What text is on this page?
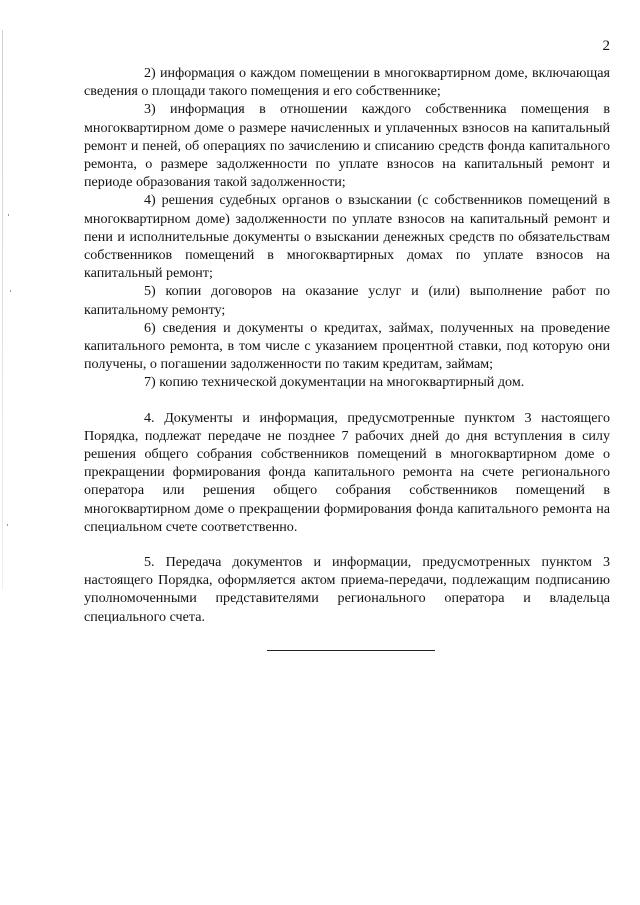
2

2) информация о каждом помещении в многоквартирном доме, включающая сведения о площади такого помещения и его собственнике;

3) информация в отношении каждого собственника помещения в многоквартирном доме о размере начисленных и уплаченных взносов на капитальный ремонт и пеней, об операциях по зачислению и списанию средств фонда капитального ремонта, о размере задолженности по уплате взносов на капитальный ремонт и периоде образования такой задолженности;

4) решения судебных органов о взыскании (с собственников помещений в многоквартирном доме) задолженности по уплате взносов на капитальный ремонт и пени и исполнительные документы о взыскании денежных средств по обязательствам собственников помещений в многоквартирных домах по уплате взносов на капитальный ремонт;

5) копии договоров на оказание услуг и (или) выполнение работ по капитальному ремонту;

6) сведения и документы о кредитах, займах, полученных на проведение капитального ремонта, в том числе с указанием процентной ставки, под которую они получены, о погашении задолженности по таким кредитам, займам;

7) копию технической документации на многоквартирный дом.

4. Документы и информация, предусмотренные пунктом 3 настоящего Порядка, подлежат передаче не позднее 7 рабочих дней до дня вступления в силу решения общего собрания собственников помещений в многоквартирном доме о прекращении формирования фонда капитального ремонта на счете регионального оператора или решения общего собрания собственников помещений в многоквартирном доме о прекращении формирования фонда капитального ремонта на специальном счете соответственно.

5. Передача документов и информации, предусмотренных пунктом 3 настоящего Порядка, оформляется актом приема-передачи, подлежащим подписанию уполномоченными представителями регионального оператора и владельца специального счета.
